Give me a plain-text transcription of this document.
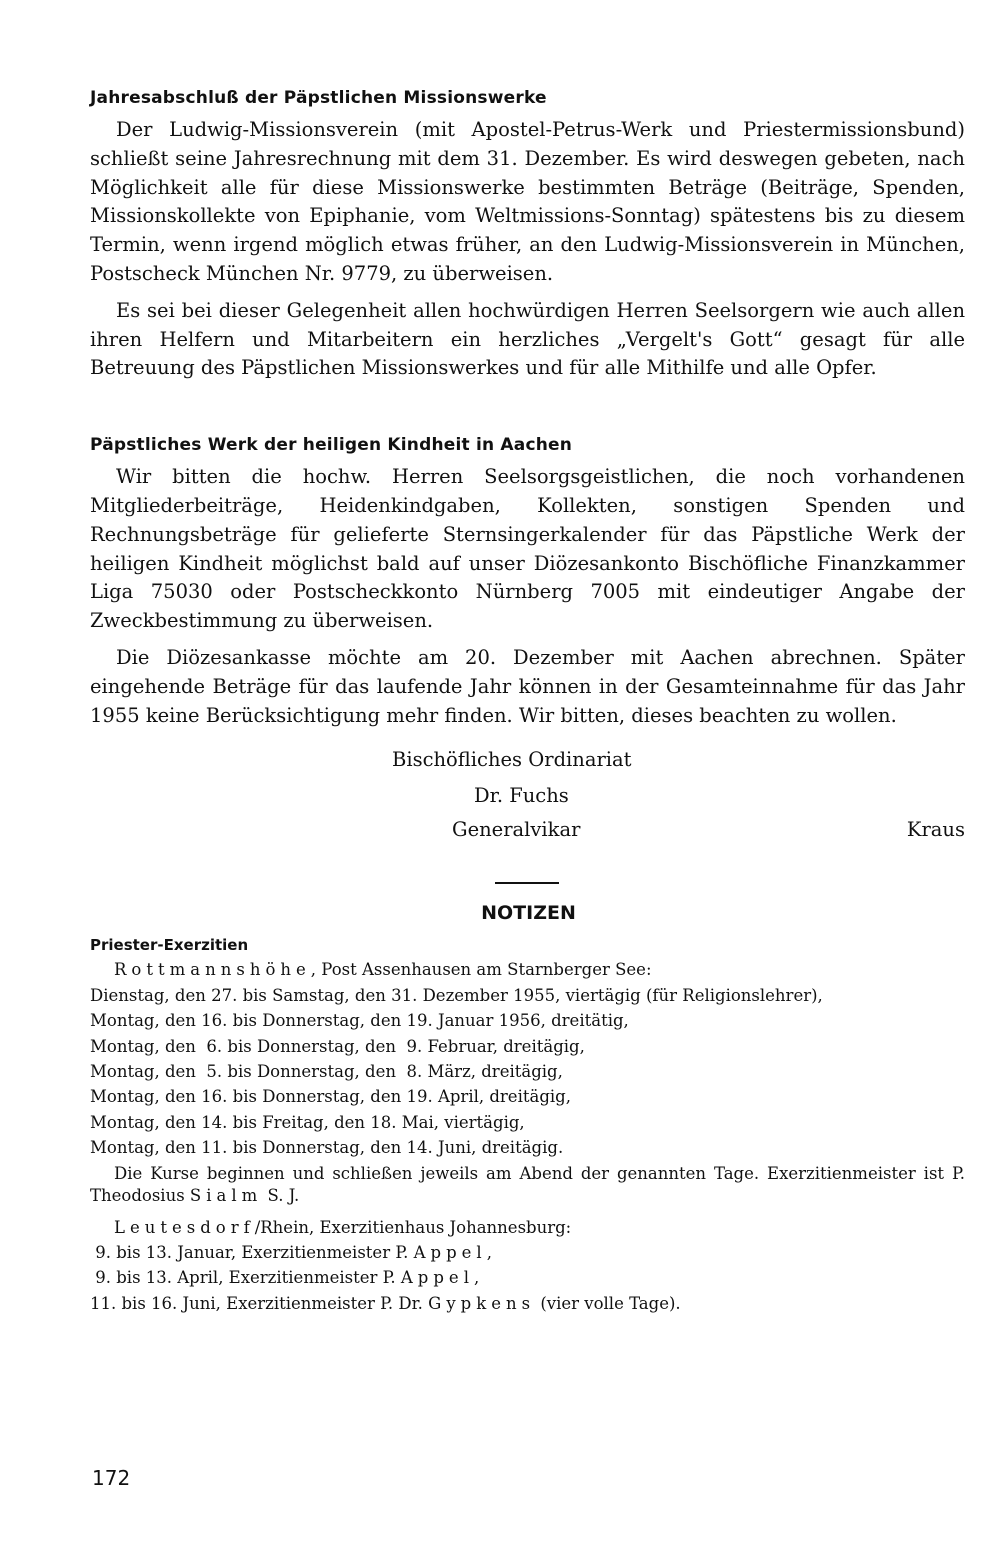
Jahresabschluß der Päpstlichen Missionswerke

Der Ludwig-Missionsverein (mit Apostel-Petrus-Werk und Priestermissionsbund) schließt seine Jahresrechnung mit dem 31. Dezember. Es wird deswegen gebeten, nach Möglichkeit alle für diese Missionswerke bestimmten Beträge (Beiträge, Spenden, Missionskollekte von Epiphanie, vom Weltmissions-Sonntag) spätestens bis zu diesem Termin, wenn irgend möglich etwas früher, an den Ludwig-Missionsverein in München, Postscheck München Nr. 9779, zu überweisen.

Es sei bei dieser Gelegenheit allen hochwürdigen Herren Seelsorgern wie auch allen ihren Helfern und Mitarbeitern ein herzliches „Vergelt's Gott“ gesagt für alle Betreuung des Päpstlichen Missionswerkes und für alle Mithilfe und alle Opfer.

Päpstliches Werk der heiligen Kindheit in Aachen

Wir bitten die hochw. Herren Seelsorgsgeistlichen, die noch vorhandenen Mitgliederbeiträge, Heidenkindgaben, Kollekten, sonstigen Spenden und Rechnungsbeträge für gelieferte Sternsingerkalender für das Päpstliche Werk der heiligen Kindheit möglichst bald auf unser Diözesankonto Bischöfliche Finanzkammer Liga 75030 oder Postscheckkonto Nürnberg 7005 mit eindeutiger Angabe der Zweckbestimmung zu überweisen.

Die Diözesankasse möchte am 20. Dezember mit Aachen abrechnen. Später eingehende Beträge für das laufende Jahr können in der Gesamteinnahme für das Jahr 1955 keine Berücksichtigung mehr finden. Wir bitten, dieses beachten zu wollen.

Bischöfliches Ordinariat
Dr. Fuchs
Generalvikar	Kraus
NOTIZEN
Priester-Exerzitien
Rottmannshöhe, Post Assenhausen am Starnberger See:
Dienstag, den 27. bis Samstag, den 31. Dezember 1955, viertägig (für Religionslehrer),
Montag, den 16. bis Donnerstag, den 19. Januar 1956, dreitätig,
Montag, den  6. bis Donnerstag, den  9. Februar, dreitägig,
Montag, den  5. bis Donnerstag, den  8. März, dreitägig,
Montag, den 16. bis Donnerstag, den 19. April, dreitägig,
Montag, den 14. bis Freitag, den 18. Mai, viertägig,
Montag, den 11. bis Donnerstag, den 14. Juni, dreitägig.

Die Kurse beginnen und schließen jeweils am Abend der genannten Tage. Exerzitienmeister ist P. Theodosius Sialm S. J.

Leutesdorf/Rhein, Exerzitienhaus Johannesburg:
9. bis 13. Januar, Exerzitienmeister P. Appel,
9. bis 13. April, Exerzitienmeister P. Appel,
11. bis 16. Juni, Exerzitienmeister P. Dr. Gypkens (vier volle Tage).
172
